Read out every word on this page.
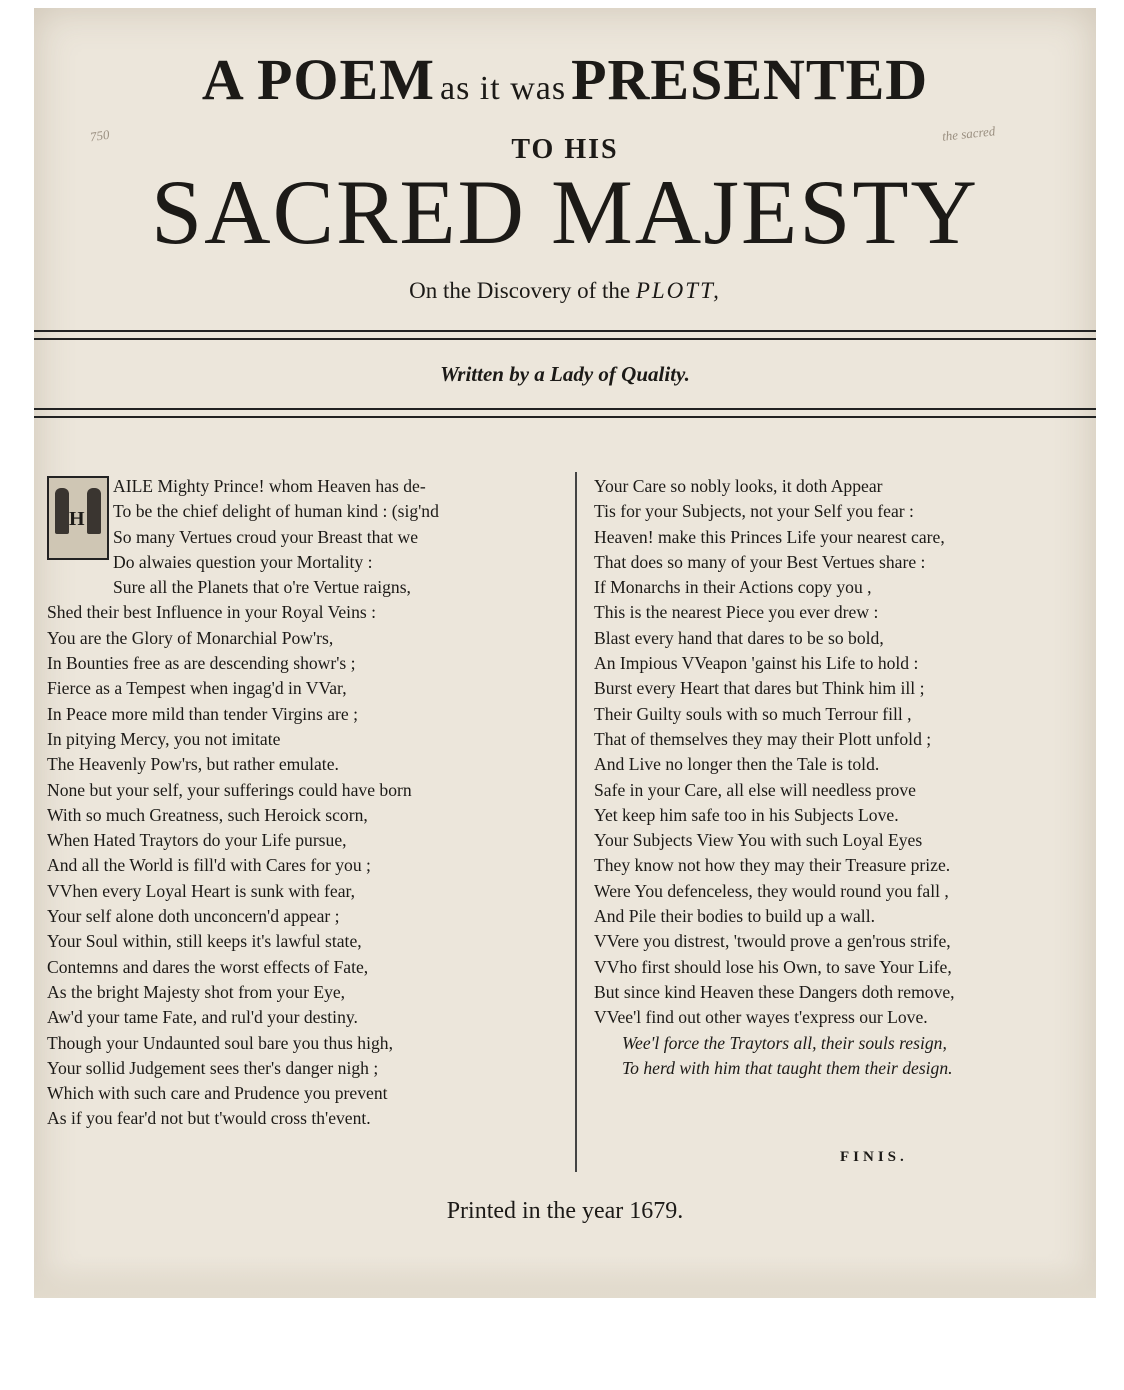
750	the sacred
A POEM as it was PRESENTED
TO HIS
SACRED MAJESTY
On the Discovery of the PLOTT,
Written by a Lady of Quality.
H
AILE Mighty Prince! whom Heaven has de-
To be the chief delight of human kind : (sig'nd
So many Vertues croud your Breast that we
Do alwaies question your Mortality :
Sure all the Planets that o're Vertue raigns,
Shed their best Influence in your Royal Veins :
You are the Glory of Monarchial Pow'rs,
In Bounties free as are descending showr's ;
Fierce as a Tempest when ingag'd in VVar,
In Peace more mild than tender Virgins are ;
In pitying Mercy, you not imitate
The Heavenly Pow'rs, but rather emulate.
None but your self, your sufferings could have born
With so much Greatness, such Heroick scorn,
When Hated Traytors do your Life pursue,
And all the World is fill'd with Cares for you ;
VVhen every Loyal Heart is sunk with fear,
Your self alone doth unconcern'd appear ;
Your Soul within, still keeps it's lawful state,
Contemns and dares the worst effects of Fate,
As the bright Majesty shot from your Eye,
Aw'd your tame Fate, and rul'd your destiny.
Though your Undaunted soul bare you thus high,
Your sollid Judgement sees ther's danger nigh ;
Which with such care and Prudence you prevent
As if you fear'd not but t'would cross th'event.
Your Care so nobly looks, it doth Appear
Tis for your Subjects, not your Self you fear :
Heaven! make this Princes Life your nearest care,
That does so many of your Best Vertues share :
If Monarchs in their Actions copy you ,
This is the nearest Piece you ever drew :
Blast every hand that dares to be so bold,
An Impious VVeapon 'gainst his Life to hold :
Burst every Heart that dares but Think him ill ;
Their Guilty souls with so much Terrour fill ,
That of themselves they may their Plott unfold ;
And Live no longer then the Tale is told.
Safe in your Care, all else will needless prove
Yet keep him safe too in his Subjects Love.
Your Subjects View You with such Loyal Eyes
They know not how they may their Treasure prize.
Were You defenceless, they would round you fall ,
And Pile their bodies to build up a wall.
VVere you distrest, 'twould prove a gen'rous strife,
VVho first should lose his Own, to save Your Life,
But since kind Heaven these Dangers doth remove,
VVee'l find out other wayes t'express our Love.
Wee'l force the Traytors all, their souls resign,
To herd with him that taught them their design.
FINIS.
Printed in the year 1679.
